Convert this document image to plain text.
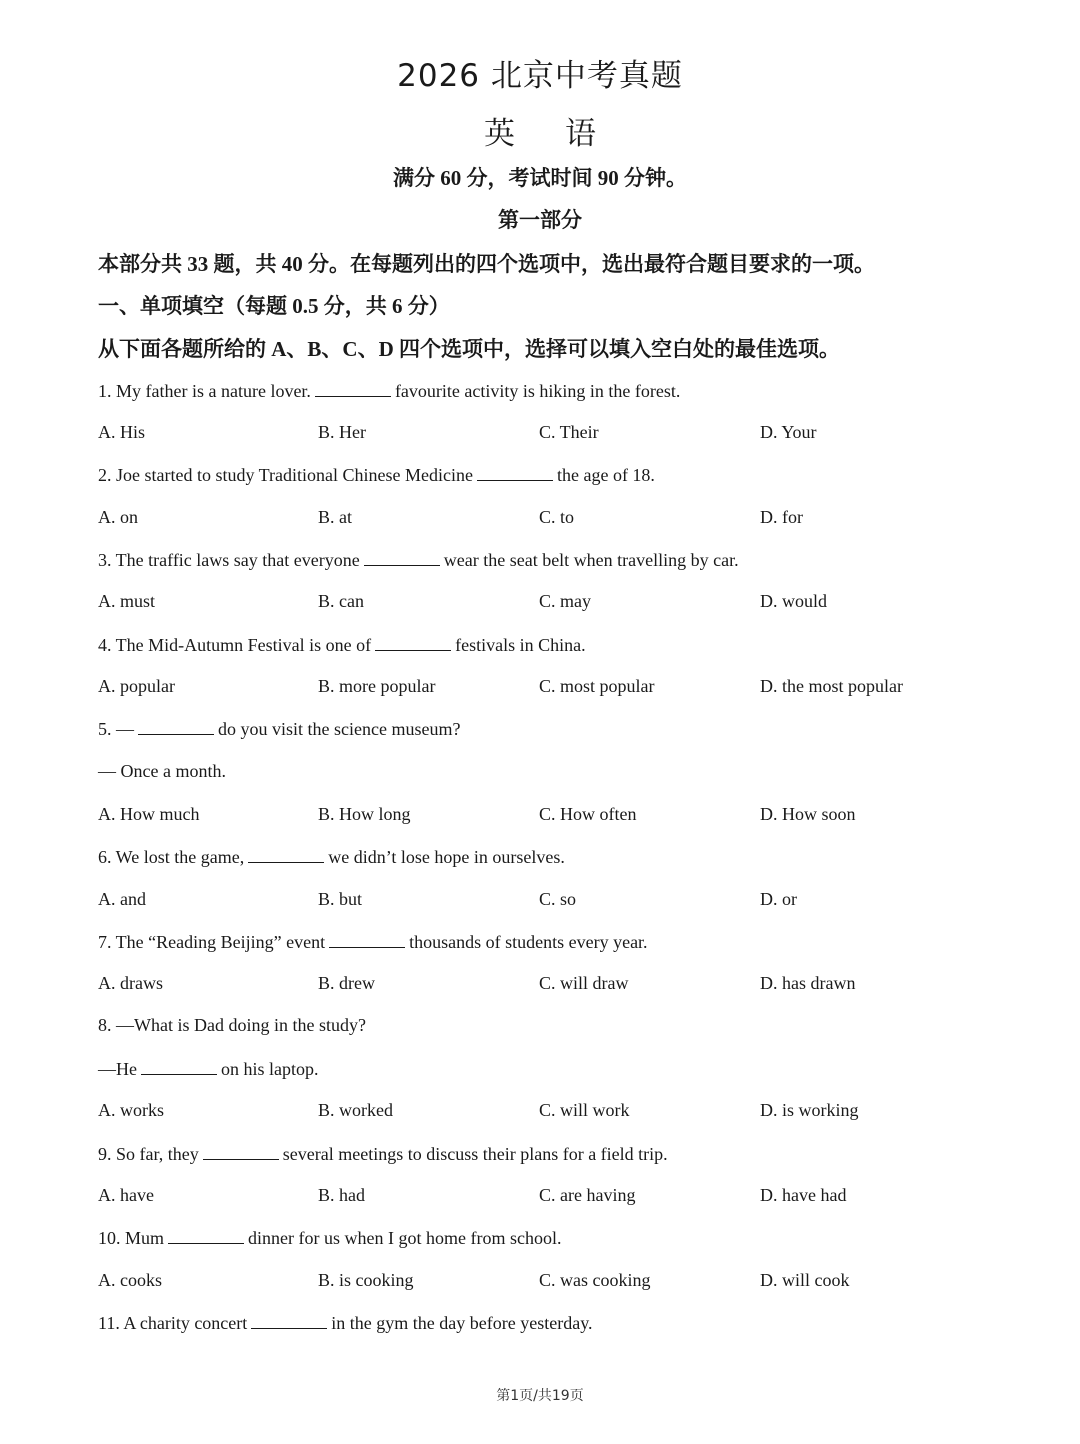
2026 北京中考真题
英 语
满分 60 分，考试时间 90 分钟。
第一部分
本部分共 33 题，共 40 分。在每题列出的四个选项中，选出最符合题目要求的一项。
一、单项填空（每题 0.5 分，共 6 分）
从下面各题所给的 A、B、C、D 四个选项中，选择可以填入空白处的最佳选项。
1. My father is a nature lover.	favourite activity is hiking in the forest.
A. His	B. Her	C. Their	D. Your
2. Joe started to study Traditional Chinese Medicine	the age of 18.
A. on	B. at	C. to	D. for
3. The traffic laws say that everyone	wear the seat belt when travelling by car.
A. must	B. can	C. may	D. would
4. The Mid-Autumn Festival is one of	festivals in China.
A. popular	B. more popular	C. most popular	D. the most popular
5. —	do you visit the science museum?
— Once a month.
A. How much	B. How long	C. How often	D. How soon
6. We lost the game,	we didn’t lose hope in ourselves.
A. and	B. but	C. so	D. or
7. The “Reading Beijing” event	thousands of students every year.
A. draws	B. drew	C. will draw	D. has drawn
8. —What is Dad doing in the study?
—He	on his laptop.
A. works	B. worked	C. will work	D. is working
9. So far, they	several meetings to discuss their plans for a field trip.
A. have	B. had	C. are having	D. have had
10. Mum	dinner for us when I got home from school.
A. cooks	B. is cooking	C. was cooking	D. will cook
11. A charity concert	in the gym the day before yesterday.
第1页/共19页
